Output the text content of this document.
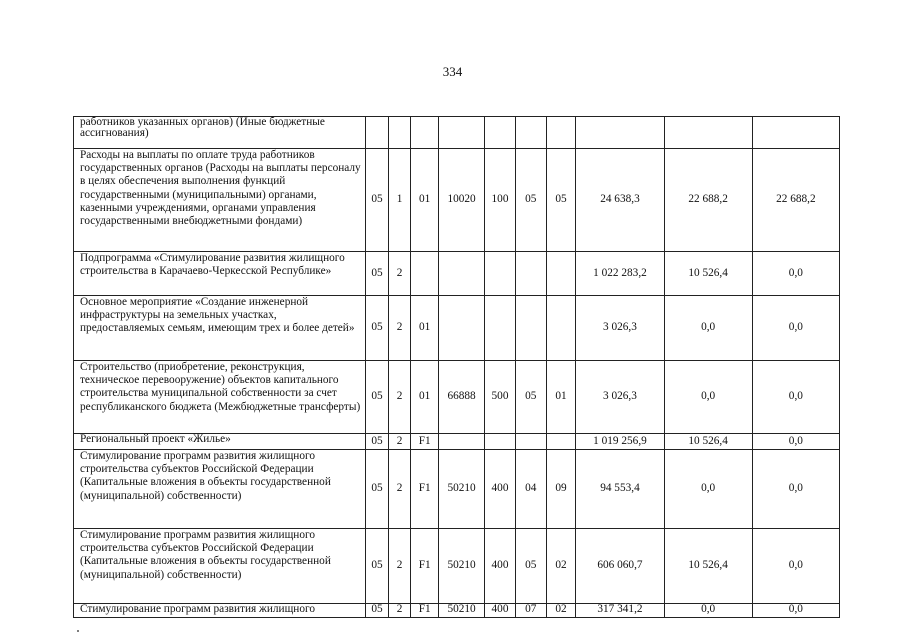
334
работников указанных органов) (Иные бюджетные ассигнования)										
Расходы на выплаты по оплате труда работников государственных органов (Расходы на выплаты персоналу в целях обеспечения выполнения функций государственными (муниципальными) органами, казенными учреждениями, органами управления государственными внебюджетными фондами)	05	1	01	10020	100	05	05	24 638,3	22 688,2	22 688,2
Подпрограмма «Стимулирование развития жилищного строительства в Карачаево-Черкесской Республике»	05	2						1 022 283,2	10 526,4	0,0
Основное мероприятие «Создание инженерной инфраструктуры на земельных участках, предоставляемых семьям, имеющим трех и более детей»	05	2	01					3 026,3	0,0	0,0
Строительство (приобретение, реконструкция, техническое перевооружение) объектов капитального строительства муниципальной собственности за счет республиканского бюджета (Межбюджетные трансферты)	05	2	01	66888	500	05	01	3 026,3	0,0	0,0
Региональный проект «Жилье»	05	2	F1					1 019 256,9	10 526,4	0,0
Стимулирование программ развития жилищного строительства субъектов Российской Федерации (Капитальные вложения в объекты государственной (муниципальной) собственности)	05	2	F1	50210	400	04	09	94 553,4	0,0	0,0
Стимулирование программ развития жилищного строительства субъектов Российской Федерации (Капитальные вложения в объекты государственной (муниципальной) собственности)	05	2	F1	50210	400	05	02	606 060,7	10 526,4	0,0
Стимулирование программ развития жилищного	05	2	F1	50210	400	07	02	317 341,2	0,0	0,0
